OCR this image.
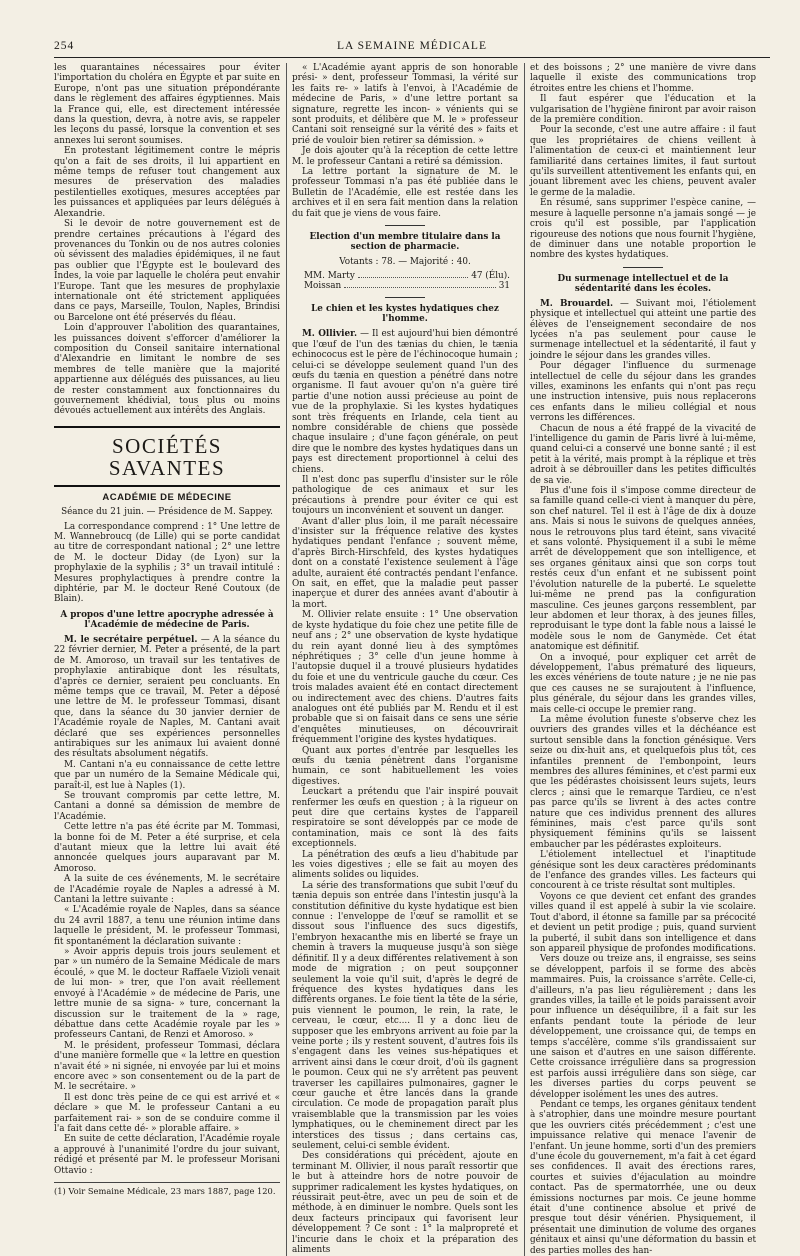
254	LA SEMAINE MÉDICALE

les quarantaines nécessaires pour éviter l'importation du choléra en Égypte et par suite en Europe, n'ont pas une situation prépondérante dans le règlement des affaires égyptiennes. Mais la France qui, elle, est directement intéressée dans la question, devra, à notre avis, se rappeler les leçons du passé, lorsque la convention et ses annexes lui seront soumises.

En protestant légitimement contre le mépris qu'on a fait de ses droits, il lui appartient en même temps de refuser tout changement aux mesures de préservation des maladies pestilentielles exotiques, mesures acceptées par les puissances et appliquées par leurs délégués à Alexandrie.

Si le devoir de notre gouvernement est de prendre certaines précautions à l'égard des provenances du Tonkin ou de nos autres colonies où sévissent des maladies épidémiques, il ne faut pas oublier que l'Égypte est le boulevard des Indes, la voie par laquelle le choléra peut envahir l'Europe. Tant que les mesures de prophylaxie internationale ont été strictement appliquées dans ce pays, Marseille, Toulon, Naples, Brindisi ou Barcelone ont été préservés du fléau.

Loin d'approuver l'abolition des quarantaines, les puissances doivent s'efforcer d'améliorer la composition du Conseil sanitaire international d'Alexandrie en limitant le nombre de ses membres de telle manière que la majorité appartienne aux délégués des puissances, au lieu de rester constamment aux fonctionnaires du gouvernement khédivial, tous plus ou moins dévoués actuellement aux intérêts des Anglais.

SOCIÉTÉS SAVANTES
ACADÉMIE DE MÉDECINE
Séance du 21 juin. — Présidence de M. Sappey.

La correspondance comprend : 1° Une lettre de M. Wannebroucq (de Lille) qui se porte candidat au titre de correspondant national ; 2° une lettre de M. le docteur Diday (de Lyon) sur la prophylaxie de la syphilis ; 3° un travail intitulé : Mesures prophylactiques à prendre contre la diphtérie, par M. le docteur René Coutoux (de Blain).

A propos d'une lettre apocryphe adressée à l'Académie de médecine de Paris.

M. le secrétaire perpétuel. — A la séance du 22 février dernier, M. Peter a présenté, de la part de M. Amoroso, un travail sur les tentatives de prophylaxie antirabique dont les résultats, d'après ce dernier, seraient peu concluants. En même temps que ce travail, M. Peter a déposé une lettre de M. le professeur Tommasi, disant que, dans la séance du 30 janvier dernier de l'Académie royale de Naples, M. Cantani avait déclaré que ses expériences personnelles antirabiques sur les animaux lui avaient donné des résultats absolument négatifs.

M. Cantani n'a eu connaissance de cette lettre que par un numéro de la Semaine Médicale qui, paraît-il, est lue à Naples (1).

Se trouvant compromis par cette lettre, M. Cantani a donné sa démission de membre de l'Académie.

Cette lettre n'a pas été écrite par M. Tommasi, la bonne foi de M. Peter a été surprise, et cela d'autant mieux que la lettre lui avait été annoncée quelques jours auparavant par M. Amoroso.

A la suite de ces événements, M. le secrétaire de l'Académie royale de Naples a adressé à M. Cantani la lettre suivante :

« L'Académie royale de Naples, dans sa séance du 24 avril 1887, a tenu une réunion intime dans laquelle le président, M. le professeur Tommasi, fit spontanément la déclaration suivante :

» Avoir appris depuis trois jours seulement et par » un numéro de la Semaine Médicale de mars écoulé, » que M. le docteur Raffaele Vizioli venait de lui mon- » trer, que l'on avait réellement envoyé à l'Académie » de médecine de Paris, une lettre munie de sa signa- » ture, concernant la discussion sur le traitement de la » rage, débattue dans cette Académie royale par les » professeurs Cantani, de Renzi et Amoroso. »

M. le président, professeur Tommasi, déclara d'une manière formelle que « la lettre en question n'avait été » ni signée, ni envoyée par lui et moins encore avec » son consentement ou de la part de M. le secrétaire. »

Il est donc très peine de ce qui est arrivé et « déclare » que M. le professeur Cantani a eu parfaitement rai- » son de se conduire comme il l'a fait dans cette dé- » plorable affaire. »

En suite de cette déclaration, l'Académie royale a approuvé à l'unanimité l'ordre du jour suivant, rédigé et présenté par M. le professeur Morisani Ottavio :

(1) Voir Semaine Médicale, 23 mars 1887, page 120.

« L'Académie ayant appris de son honorable prési- » dent, professeur Tommasi, la vérité sur les faits re- » latifs à l'envoi, à l'Académie de médecine de Paris, » d'une lettre portant sa signature, regrette les incon- » vénients qui se sont produits, et délibère que M. le » professeur Cantani soit renseigné sur la vérité des » faits et prié de vouloir bien retirer sa démission. »

Je dois ajouter qu'à la réception de cette lettre M. le professeur Cantani a retiré sa démission.

La lettre portant la signature de M. le professeur Tommasi n'a pas été publiée dans le Bulletin de l'Académie, elle est restée dans les archives et il en sera fait mention dans la relation du fait que je viens de vous faire.

Election d'un membre titulaire dans la section de pharmacie.
Votants : 78. — Majorité : 40.
MM. Marty	47 (Élu).
Moissan	31
Le chien et les kystes hydatiques chez l'homme.

M. Ollivier. — Il est aujourd'hui bien démontré que l'œuf de l'un des tænias du chien, le tænia echinococus est le père de l'échinocoque humain ; celui-ci se développe seulement quand l'un des œufs du tænia en question a pénétré dans notre organisme. Il faut avouer qu'on n'a guère tiré partie d'une notion aussi précieuse au point de vue de la prophylaxie. Si les kystes hydatiques sont très fréquents en Irlande, cela tient au nombre considérable de chiens que possède chaque insulaire ; d'une façon générale, on peut dire que le nombre des kystes hydatiques dans un pays est directement proportionnel à celui des chiens.

Il n'est donc pas superflu d'insister sur le rôle pathologique de ces animaux et sur les précautions à prendre pour éviter ce qui est toujours un inconvénient et souvent un danger.

Avant d'aller plus loin, il me paraît nécessaire d'insister sur la fréquence relative des kystes hydatiques pendant l'enfance ; souvent même, d'après Birch-Hirschfeld, des kystes hydatiques dont on a constaté l'existence seulement à l'âge adulte, auraient été contractés pendant l'enfance. On sait, en effet, que la maladie peut passer inaperçue et durer des années avant d'aboutir à la mort.

M. Ollivier relate ensuite : 1° Une observation de kyste hydatique du foie chez une petite fille de neuf ans ; 2° une observation de kyste hydatique du rein ayant donné lieu à des symptômes néphrétiques ; 3° celle d'un jeune homme à l'autopsie duquel il a trouvé plusieurs hydatides du foie et une du ventricule gauche du cœur. Ces trois malades avaient été en contact directement ou indirectement avec des chiens. D'autres faits analogues ont été publiés par M. Rendu et il est probable que si on faisait dans ce sens une série d'enquêtes minutieuses, on découvrirait fréquemment l'origine des kystes hydatiques.

Quant aux portes d'entrée par lesquelles les œufs du tænia pénètrent dans l'organisme humain, ce sont habituellement les voies digestives.

Leuckart a prétendu que l'air inspiré pouvait renfermer les œufs en question ; à la rigueur on peut dire que certains kystes de l'appareil respiratoire se sont développés par ce mode de contamination, mais ce sont là des faits exceptionnels.

La pénétration des œufs a lieu d'habitude par les voies digestives ; elle se fait au moyen des aliments solides ou liquides.

La série des transformations que subit l'œuf du tænia depuis son entrée dans l'intestin jusqu'à la constitution définitive du kyste hydatique est bien connue : l'enveloppe de l'œuf se ramollit et se dissout sous l'influence des sucs digestifs, l'embryon hexacanthe mis en liberté se fraye un chemin à travers la muqueuse jusqu'à son siège définitif. Il y a deux différentes relativement à son mode de migration ; on peut soupçonner seulement la voie qu'il suit, d'après le degré de fréquence des kystes hydatiques dans les différents organes. Le foie tient la tête de la série, puis viennent le poumon, le rein, la rate, le cerveau, le cœur, etc.... Il y a donc lieu de supposer que les embryons arrivent au foie par la veine porte ; ils y restent souvent, d'autres fois ils s'engagent dans les veines sus-hépatiques et arrivent ainsi dans le cœur droit, d'où ils gagnent le poumon. Ceux qui ne s'y arrêtent pas peuvent traverser les capillaires pulmonaires, gagner le cœur gauche et être lancés dans la grande circulation. Ce mode de propagation paraît plus vraisemblable que la transmission par les voies lymphatiques, ou le cheminement direct par les interstices des tissus ; dans certains cas, seulement, celui-ci semble évident.

Des considérations qui précèdent, ajoute en terminant M. Ollivier, il nous paraît ressortir que le but à atteindre hors de notre pouvoir de supprimer radicalement les kystes hydatiques, on réussirait peut-être, avec un peu de soin et de méthode, à en diminuer le nombre. Quels sont les deux facteurs principaux qui favorisent leur développement ? Ce sont : 1° la malpropreté et l'incurie dans le choix et la préparation des aliments

et des boissons ; 2° une manière de vivre dans laquelle il existe des communications trop étroites entre les chiens et l'homme.

Il faut espérer que l'éducation et la vulgarisation de l'hygiène finiront par avoir raison de la première condition.

Pour la seconde, c'est une autre affaire : il faut que les propriétaires de chiens veillent à l'alimentation de ceux-ci et maintiennent leur familiarité dans certaines limites, il faut surtout qu'ils surveillent attentivement les enfants qui, en jouant librement avec les chiens, peuvent avaler le germe de la maladie.

En résumé, sans supprimer l'espèce canine, — mesure à laquelle personne n'a jamais songé — je crois qu'il est possible, par l'application rigoureuse des notions que nous fournit l'hygiène, de diminuer dans une notable proportion le nombre des kystes hydatiques.

Du surmenage intellectuel et de la sédentarité dans les écoles.

M. Brouardel. — Suivant moi, l'étiolement physique et intellectuel qui atteint une partie des élèves de l'enseignement secondaire de nos lycées n'a pas seulement pour cause le surmenage intellectuel et la sédentarité, il faut y joindre le séjour dans les grandes villes.

Pour dégager l'influence du surmenage intellectuel de celle du séjour dans les grandes villes, examinons les enfants qui n'ont pas reçu une instruction intensive, puis nous replacerons ces enfants dans le milieu collégial et nous verrons les différences.

Chacun de nous a été frappé de la vivacité de l'intelligence du gamin de Paris livré à lui-même, quand celui-ci a conservé une bonne santé ; il est petit à la vérité, mais prompt à la réplique et très adroit à se débrouiller dans les petites difficultés de sa vie.

Plus d'une fois il s'impose comme directeur de sa famille quand celle-ci vient à manquer du père, son chef naturel. Tel il est à l'âge de dix à douze ans. Mais si nous le suivons de quelques années, nous le retrouvons plus tard éteint, sans vivacité et sans volonté. Physiquement il a subi le même arrêt de développement que son intelligence, et ses organes génitaux ainsi que son corps tout restés ceux d'un enfant et ne subissent point l'évolution naturelle de la puberté. Le squelette lui-même ne prend pas la configuration masculine. Ces jeunes garçons ressemblent, par leur abdomen et leur thorax, à des jeunes filles, reproduisant le type dont la fable nous a laissé le modèle sous le nom de Ganymède. Cet état anatomique est définitif.

On a invoqué, pour expliquer cet arrêt de développement, l'abus prématuré des liqueurs, les excès vénériens de toute nature ; je ne nie pas que ces causes ne se surajoutent à l'influence, plus générale, du séjour dans les grandes villes, mais celle-ci occupe le premier rang.

La même évolution funeste s'observe chez les ouvriers des grandes villes et la déchéance est surtout sensible dans la fonction génésique. Vers seize ou dix-huit ans, et quelquefois plus tôt, ces infantiles prennent de l'embonpoint, leurs membres des allures féminines, et c'est parmi eux que les pédérastes choisissent leurs sujets, leurs clercs ; ainsi que le remarque Tardieu, ce n'est pas parce qu'ils se livrent à des actes contre nature que ces individus prennent des allures féminines, mais c'est parce qu'ils sont physiquement féminins qu'ils se laissent embaucher par les pédérastes exploiteurs.

L'étiolement intellectuel et l'inaptitude génésique sont les deux caractères prédominants de l'enfance des grandes villes. Les facteurs qui concourent à ce triste résultat sont multiples.

Voyons ce que devient cet enfant des grandes villes quand il est appelé à subir la vie scolaire. Tout d'abord, il étonne sa famille par sa précocité et devient un petit prodige ; puis, quand survient la puberté, il subit dans son intelligence et dans son appareil physique de profondes modifications.

Vers douze ou treize ans, il engraisse, ses seins se développent, parfois il se forme des abcès mammaires. Puis, la croissance s'arrête. Celle-ci, d'ailleurs, n'a pas lieu régulièrement ; dans les grandes villes, la taille et le poids paraissent avoir pour influence un déséquilibre, il a fait sur les enfants pendant toute la période de leur développement, une croissance qui, de temps en temps s'accélère, comme s'ils grandissaient sur une saison et d'autres en une saison différente. Cette croissance irrégulière dans sa progression est parfois aussi irrégulière dans son siège, car les diverses parties du corps peuvent se développer isolément les unes des autres.

Pendant ce temps, les organes génitaux tendent à s'atrophier, dans une moindre mesure pourtant que les ouvriers cités précédemment ; c'est une impuissance relative qui menace l'avenir de l'enfant. Un jeune homme, sorti d'un des premiers d'une école du gouvernement, m'a fait à cet égard ses confidences. Il avait des érections rares, courtes et suivies d'éjaculation au moindre contact. Pas de spermatorrhée, une ou deux émissions nocturnes par mois. Ce jeune homme était d'une continence absolue et privé de presque tout désir vénérien. Physiquement, il présentait une diminution de volume des organes génitaux et ainsi qu'une déformation du bassin et des parties molles des han-
